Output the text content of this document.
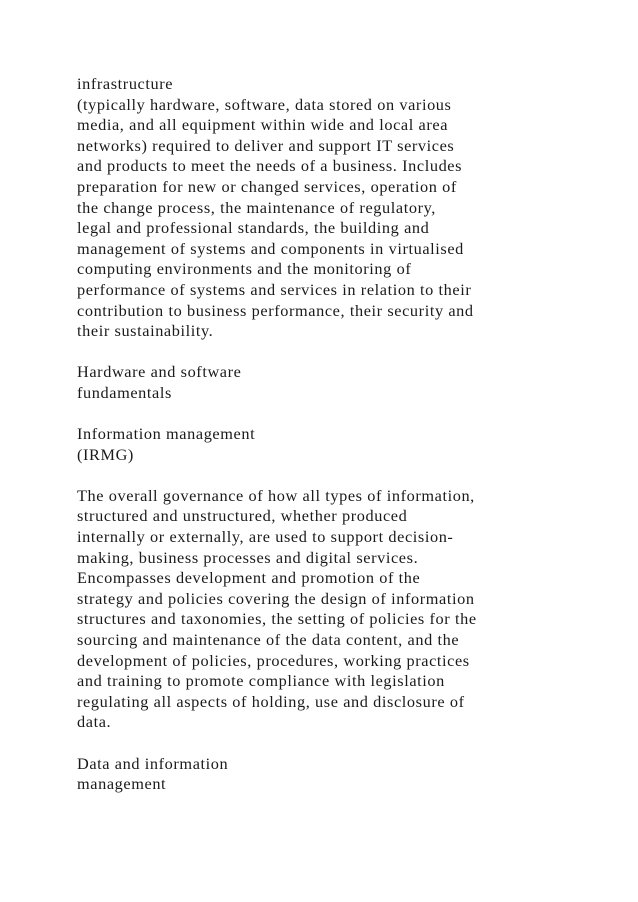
infrastructure
(typically hardware, software, data stored on various
media, and all equipment within wide and local area
networks) required to deliver and support IT services
and products to meet the needs of a business. Includes
preparation for new or changed services, operation of
the change process, the maintenance of regulatory,
legal and professional standards, the building and
management of systems and components in virtualised
computing environments and the monitoring of
performance of systems and services in relation to their
contribution to business performance, their security and
their sustainability.
Hardware and software
fundamentals
Information management
(IRMG)
The overall governance of how all types of information,
structured and unstructured, whether produced
internally or externally, are used to support decision-
making, business processes and digital services.
Encompasses development and promotion of the
strategy and policies covering the design of information
structures and taxonomies, the setting of policies for the
sourcing and maintenance of the data content, and the
development of policies, procedures, working practices
and training to promote compliance with legislation
regulating all aspects of holding, use and disclosure of
data.
Data and information
management
